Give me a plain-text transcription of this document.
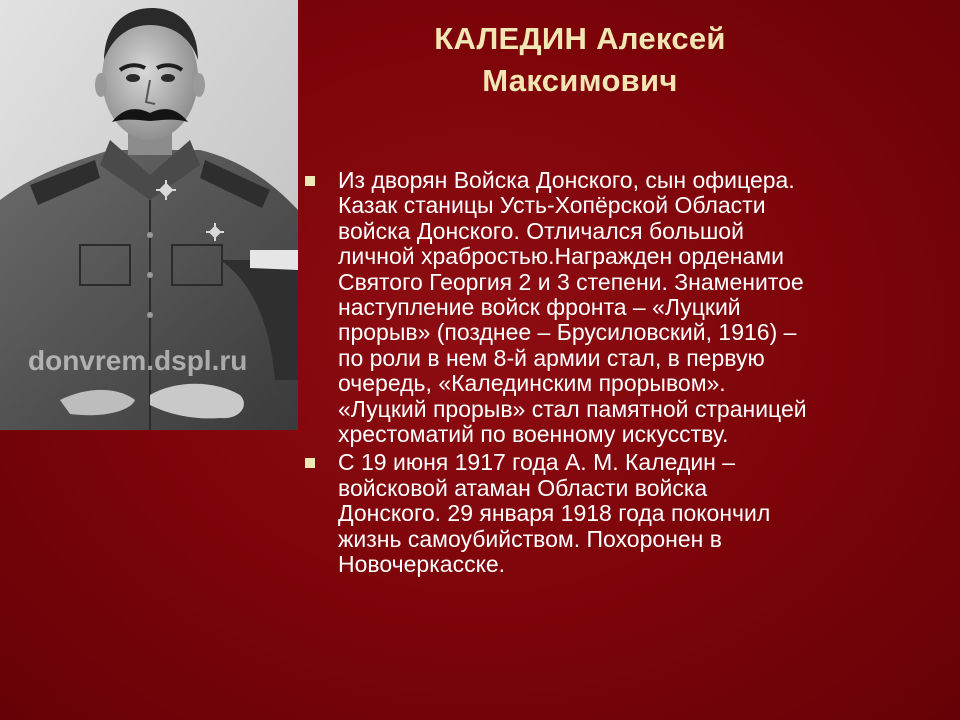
donvrem.dspl.ru
КАЛЕДИН Алексей
Максимович
Из дворян Войска Донского, сын офицера.
Казак станицы Усть-Хопёрской Области
войска Донского. Отличался большой
личной храбростью.Награжден орденами
Святого Георгия 2 и 3 степени. Знаменитое
наступление войск фронта – «Луцкий
прорыв» (позднее – Брусиловский, 1916) –
по роли в нем 8-й армии стал, в первую
очередь, «Калединским прорывом».
«Луцкий прорыв» стал памятной страницей
хрестоматий по военному искусству.
С 19 июня 1917 года А. М. Каледин –
войсковой атаман Области войска
Донского. 29 января 1918 года покончил
жизнь самоубийством. Похоронен в
Новочеркасске.
